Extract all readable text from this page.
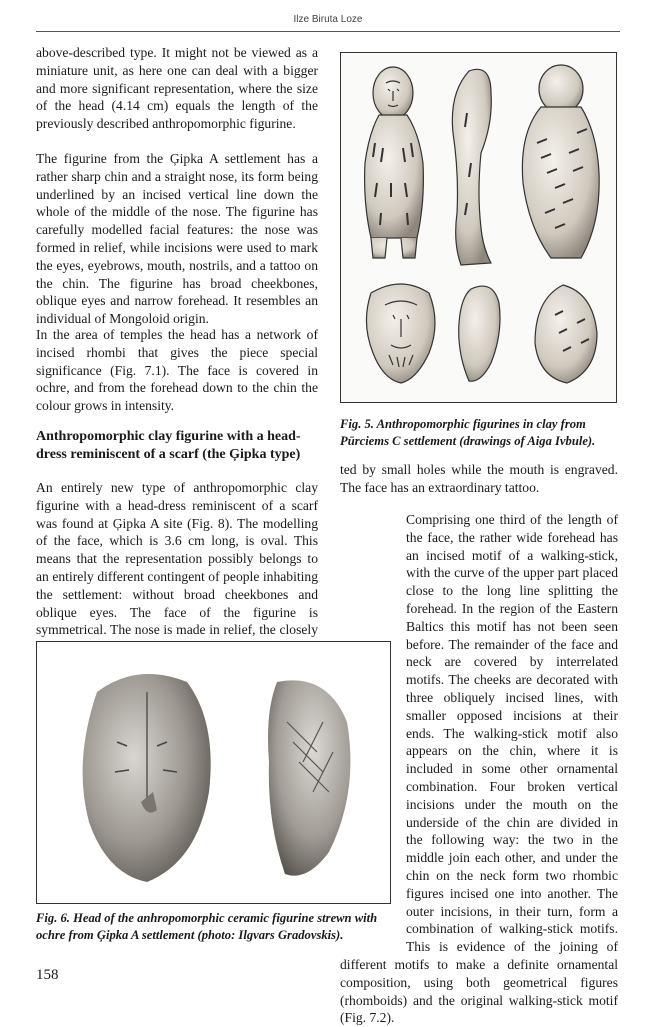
Ilze Biruta Loze

above-described type. It might not be viewed as a miniature unit, as here one can deal with a bigger and more significant representation, where the size of the head (4.14 cm) equals the length of the previously described anthropomorphic figurine.

The figurine from the Ģipka A settlement has a rather sharp chin and a straight nose, its form being underlined by an incised vertical line down the whole of the middle of the nose. The figurine has carefully modelled facial features: the nose was formed in relief, while incisions were used to mark the eyes, eyebrows, mouth, nostrils, and a tattoo on the chin. The figurine has broad cheekbones, oblique eyes and narrow forehead. It resembles an individual of Mongoloid origin.

In the area of temples the head has a network of incised rhombi that gives the piece special significance (Fig. 7.1). The face is covered in ochre, and from the forehead down to the chin the colour grows in intensity.

Anthropomorphic clay figurine with a head-dress reminiscent of a scarf (the Ģipka type)

An entirely new type of anthropomorphic clay figurine with a head-dress reminiscent of a scarf was found at Ģipka A site (Fig. 8). The modelling of the face, which is 3.6 cm long, is oval. This means that the representation possibly belongs to an entirely different contingent of people inhabiting the settlement: without broad cheekbones and oblique eyes. The face of the figurine is symmetrical. The nose is made in relief, the closely

Fig. 5. Anthropomorphic figurines in clay from Pūrciems C settlement (drawings of Aiga Ivbule).

ted by small holes while the mouth is engraved. The face has an extraordinary tattoo.

Comprising one third of the length of the face, the rather wide forehead has an incised motif of a walking-stick, with the curve of the upper part placed close to the long line splitting the forehead. In the region of the Eastern Baltics this motif has not been seen before. The remainder of the face and neck are covered by interrelated motifs. The cheeks are decorated with three obliquely incised lines, with smaller opposed incisions at their ends. The walking-stick motif also appears on the chin, where it is included in some other ornamental combination. Four broken vertical incisions under the mouth on the underside of the chin are divided in the following way: the two in the middle join each other, and under the chin on the neck form two rhombic figures incised one into another. The outer incisions, in their turn, form a combination of walking-stick motifs. This is evidence of the joining of different motifs to make a definite ornamental composition, using both geometrical figures (rhomboids) and the original walking-stick motif (Fig. 7.2).

Fig. 6. Head of the anhropomorphic ceramic figurine strewn with ochre from Ģipka A settlement (photo: Ilgvars Gradovskis).

158
